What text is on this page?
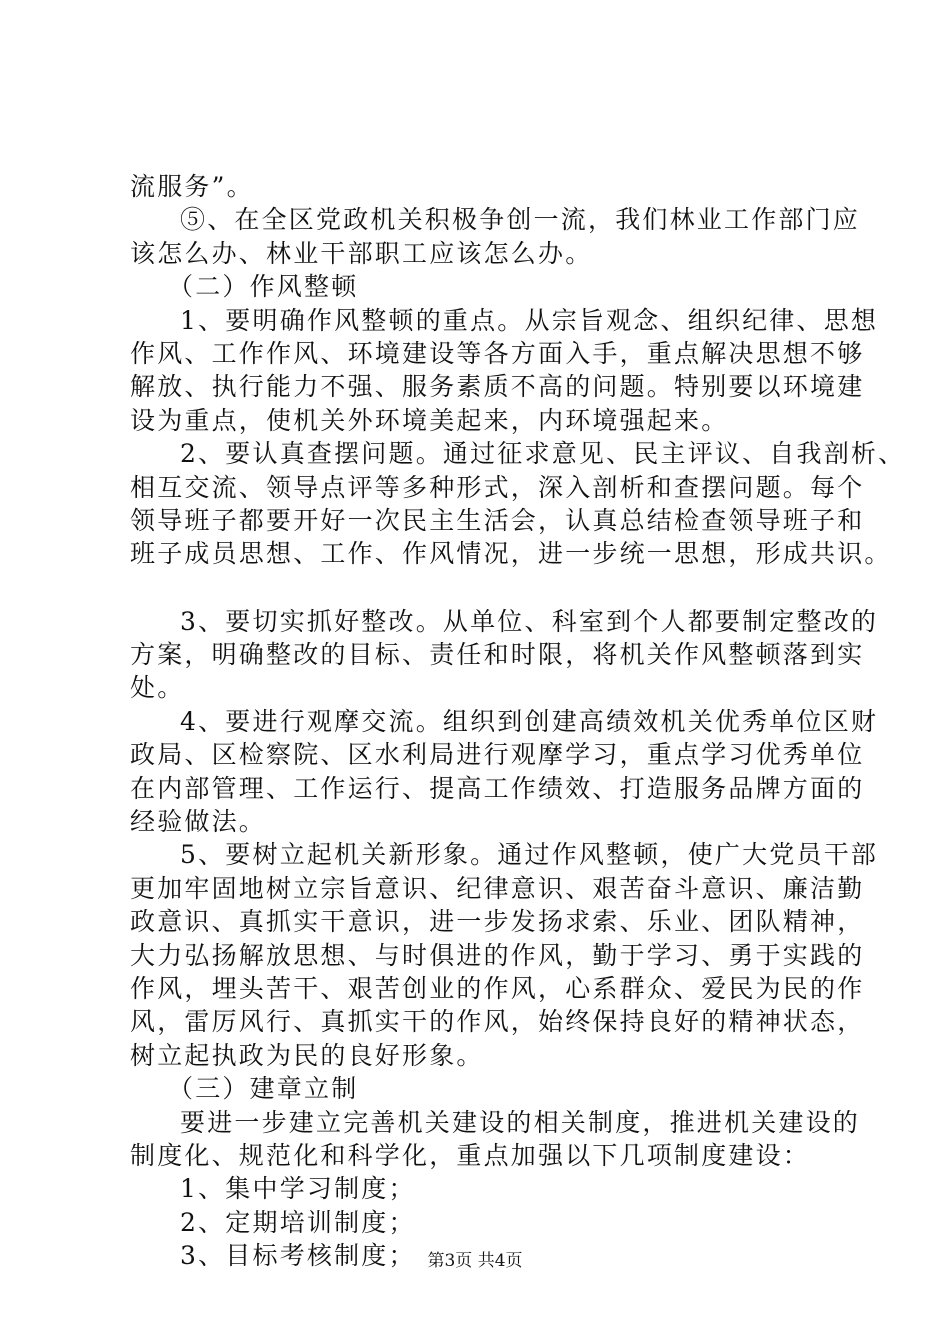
流服务”。
⑤、在全区党政机关积极争创一流，我们林业工作部门应
该怎么办、林业干部职工应该怎么办。
（二）作风整顿
1、要明确作风整顿的重点。从宗旨观念、组织纪律、思想
作风、工作作风、环境建设等各方面入手，重点解决思想不够
解放、执行能力不强、服务素质不高的问题。特别要以环境建
设为重点，使机关外环境美起来，内环境强起来。
2、要认真查摆问题。通过征求意见、民主评议、自我剖析、
相互交流、领导点评等多种形式，深入剖析和查摆问题。每个
领导班子都要开好一次民主生活会，认真总结检查领导班子和
班子成员思想、工作、作风情况，进一步统一思想，形成共识。
3、要切实抓好整改。从单位、科室到个人都要制定整改的
方案，明确整改的目标、责任和时限，将机关作风整顿落到实
处。
4、要进行观摩交流。组织到创建高绩效机关优秀单位区财
政局、区检察院、区水利局进行观摩学习，重点学习优秀单位
在内部管理、工作运行、提高工作绩效、打造服务品牌方面的
经验做法。
5、要树立起机关新形象。通过作风整顿，使广大党员干部
更加牢固地树立宗旨意识、纪律意识、艰苦奋斗意识、廉洁勤
政意识、真抓实干意识，进一步发扬求索、乐业、团队精神，
大力弘扬解放思想、与时俱进的作风，勤于学习、勇于实践的
作风，埋头苦干、艰苦创业的作风，心系群众、爱民为民的作
风，雷厉风行、真抓实干的作风，始终保持良好的精神状态，
树立起执政为民的良好形象。
（三）建章立制
要进一步建立完善机关建设的相关制度，推进机关建设的
制度化、规范化和科学化，重点加强以下几项制度建设：
1、集中学习制度；
2、定期培训制度；
3、目标考核制度； 第3页 共4页
